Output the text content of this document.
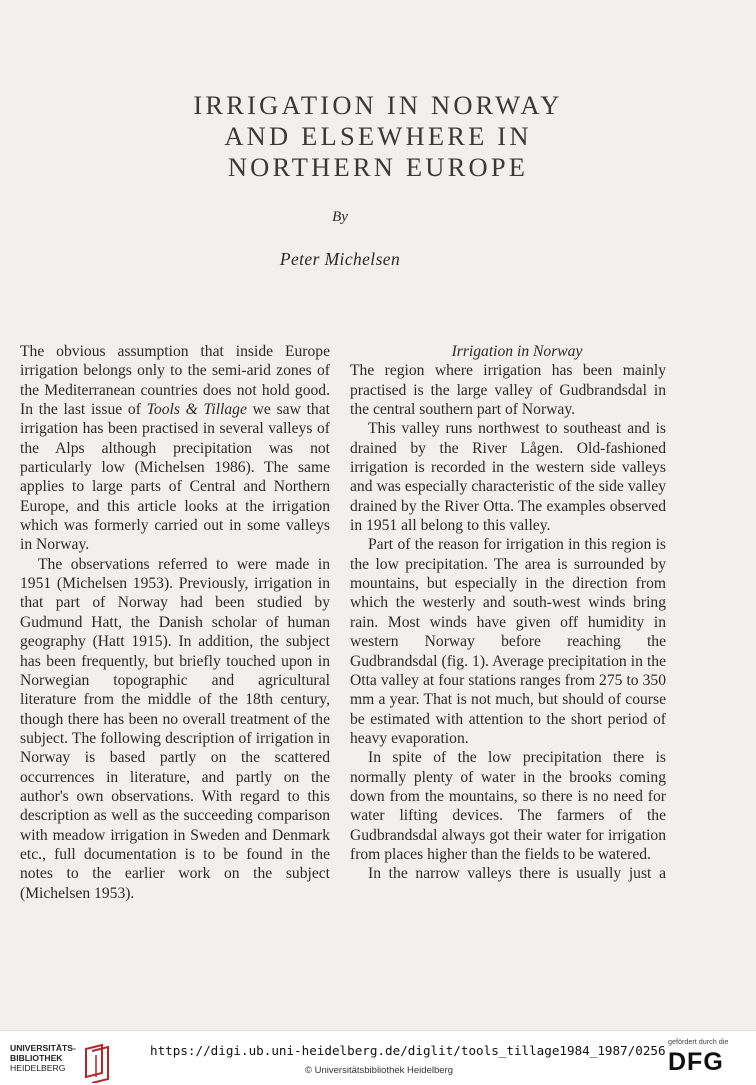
IRRIGATION IN NORWAY
AND ELSEWHERE IN
NORTHERN EUROPE
By
Peter Michelsen

The obvious assumption that inside Europe irrigation belongs only to the semi-arid zones of the Mediterranean countries does not hold good. In the last issue of Tools & Tillage we saw that irrigation has been practised in several valleys of the Alps although precipitation was not particularly low (Michelsen 1986). The same applies to large parts of Central and Northern Europe, and this article looks at the irrigation which was formerly carried out in some valleys in Norway.

The observations referred to were made in 1951 (Michelsen 1953). Previously, irrigation in that part of Norway had been studied by Gudmund Hatt, the Danish scholar of human geography (Hatt 1915). In addition, the subject has been frequently, but briefly touched upon in Norwegian topographic and agricultural literature from the middle of the 18th century, though there has been no overall treatment of the subject. The following description of irrigation in Norway is based partly on the scattered occurrences in literature, and partly on the author's own observations. With regard to this description as well as the succeeding comparison with meadow irrigation in Sweden and Denmark etc., full documentation is to be found in the notes to the earlier work on the subject (Michelsen 1953).

Irrigation in Norway

The region where irrigation has been mainly practised is the large valley of Gudbrandsdal in the central southern part of Norway.

This valley runs northwest to southeast and is drained by the River Lågen. Old-fashioned irrigation is recorded in the western side valleys and was especially characteristic of the side valley drained by the River Otta. The examples observed in 1951 all belong to this valley.

Part of the reason for irrigation in this region is the low precipitation. The area is surrounded by mountains, but especially in the direction from which the westerly and south-west winds bring rain. Most winds have given off humidity in western Norway before reaching the Gudbrandsdal (fig. 1). Average precipitation in the Otta valley at four stations ranges from 275 to 350 mm a year. That is not much, but should of course be estimated with attention to the short period of heavy evaporation.

In spite of the low precipitation there is normally plenty of water in the brooks coming down from the mountains, so there is no need for water lifting devices. The farmers of the Gudbrandsdal always got their water for irrigation from places higher than the fields to be watered.

In the narrow valleys there is usually just a

UNIVERSITÄTS-
BIBLIOTHEK
HEIDELBERG
https://digi.ub.uni-heidelberg.de/diglit/tools_tillage1984_1987/0256
© Universitätsbibliothek Heidelberg
gefördert durch die
DFG
